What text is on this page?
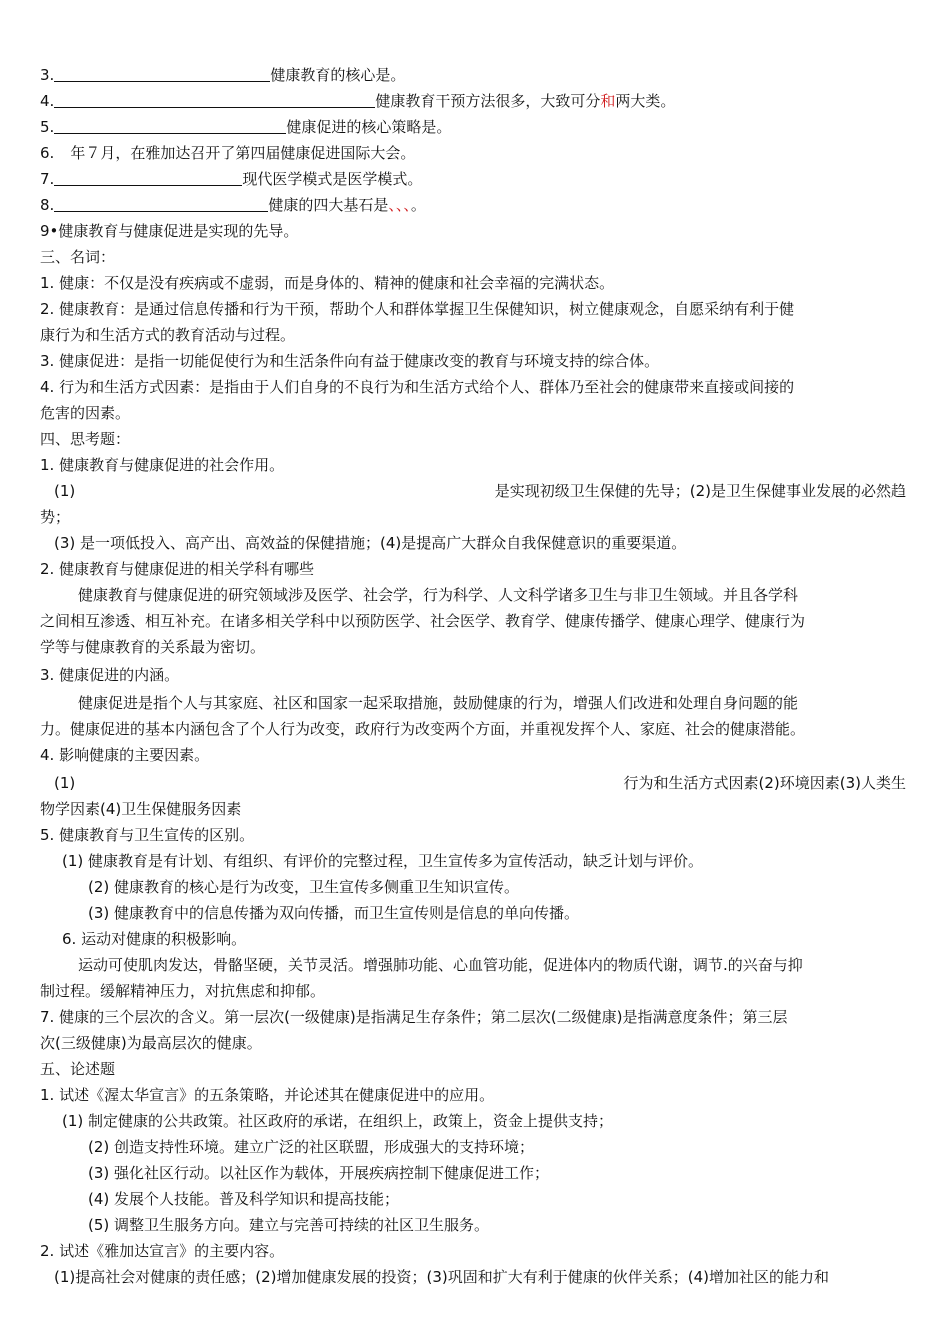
3.	健康教育的核心是。
4.	健康教育干预方法很多，大致可分和两大类。
5.	健康促进的核心策略是。
6. 年７月，在雅加达召开了第四届健康促进国际大会。
7.	现代医学模式是医学模式。
8.	健康的四大基石是、、、。
9•健康教育与健康促进是实现的先导。
三、名词：
1. 健康：不仅是没有疾病或不虚弱，而是身体的、精神的健康和社会幸福的完满状态。
2. 健康教育：是通过信息传播和行为干预，帮助个人和群体掌握卫生保健知识，树立健康观念，自愿采纳有利于健
康行为和生活方式的教育活动与过程。
3. 健康促进：是指一切能促使行为和生活条件向有益于健康改变的教育与环境支持的综合体。
4. 行为和生活方式因素：是指由于人们自身的不良行为和生活方式给个人、群体乃至社会的健康带来直接或间接的
危害的因素。
四、思考题：
1. 健康教育与健康促进的社会作用。
(1)	是实现初级卫生保健的先导；(2)是卫生保健事业发展的必然趋
势；
(3) 是一项低投入、高产出、高效益的保健措施；(4)是提高广大群众自我保健意识的重要渠道。
2. 健康教育与健康促进的相关学科有哪些
健康教育与健康促进的研究领域涉及医学、社会学，行为科学、人文科学诸多卫生与非卫生领域。并且各学科
之间相互渗透、相互补充。在诸多相关学科中以预防医学、社会医学、教育学、健康传播学、健康心理学、健康行为
学等与健康教育的关系最为密切。
3. 健康促进的内涵。
健康促进是指个人与其家庭、社区和国家一起采取措施，鼓励健康的行为，增强人们改进和处理自身问题的能
力。健康促进的基本内涵包含了个人行为改变，政府行为改变两个方面，并重视发挥个人、家庭、社会的健康潜能。
4. 影响健康的主要因素。
(1)	行为和生活方式因素(2)环境因素(3)人类生
物学因素(4)卫生保健服务因素
5. 健康教育与卫生宣传的区别。
(1) 健康教育是有计划、有组织、有评价的完整过程，卫生宣传多为宣传活动，缺乏计划与评价。
(2) 健康教育的核心是行为改变，卫生宣传多侧重卫生知识宣传。
(3) 健康教育中的信息传播为双向传播，而卫生宣传则是信息的单向传播。
6. 运动对健康的积极影响。
运动可使肌肉发达，骨骼坚硬，关节灵活。增强肺功能、心血管功能，促进体内的物质代谢，调节.的兴奋与抑
制过程。缓解精神压力，对抗焦虑和抑郁。
7. 健康的三个层次的含义。第一层次(一级健康)是指满足生存条件；第二层次(二级健康)是指满意度条件；第三层
次(三级健康)为最高层次的健康。
五、论述题
1. 试述《渥太华宣言》的五条策略，并论述其在健康促进中的应用。
(1) 制定健康的公共政策。社区政府的承诺，在组织上，政策上，资金上提供支持；
(2) 创造支持性环境。建立广泛的社区联盟，形成强大的支持环境；
(3) 强化社区行动。以社区作为载体，开展疾病控制下健康促进工作；
(4) 发展个人技能。普及科学知识和提高技能；
(5) 调整卫生服务方向。建立与完善可持续的社区卫生服务。
2. 试述《雅加达宣言》的主要内容。
(1)提高社会对健康的责任感；(2)增加健康发展的投资；(3)巩固和扩大有利于健康的伙伴关系；(4)增加社区的能力和
